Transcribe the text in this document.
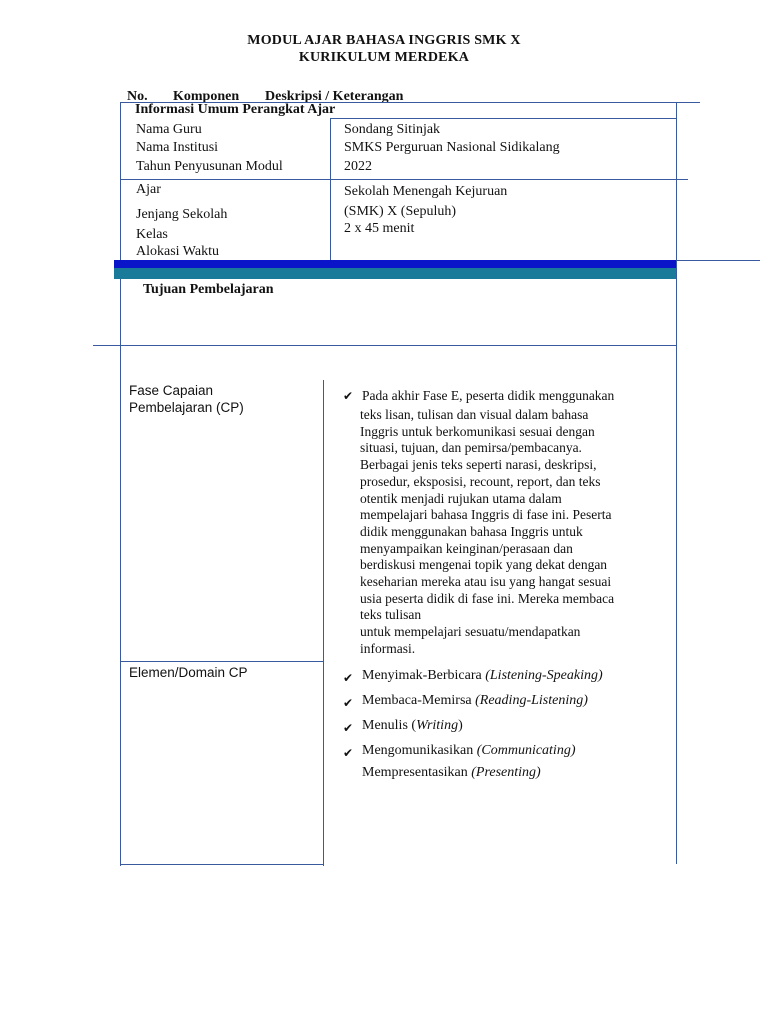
MODUL AJAR BAHASA INGGRIS SMK X
KURIKULUM MERDEKA
No. Komponen Deskripsi / Keterangan
Informasi Umum Perangkat Ajar
Nama Guru
Nama Institusi
Tahun Penyusunan Modul
Sondang Sitinjak
SMKS Perguruan Nasional Sidikalang
2022
Ajar
Jenjang Sekolah
Kelas
Alokasi Waktu
Sekolah Menengah Kejuruan
(SMK) X (Sepuluh)
2 x 45 menit
Tujuan Pembelajaran
Fase Capaian
Pembelajaran (CP)
✔ Pada akhir Fase E, peserta didik menggunakan
teks lisan, tulisan dan visual dalam bahasa
Inggris untuk berkomunikasi sesuai dengan
situasi, tujuan, dan pemirsa/pembacanya.
Berbagai jenis teks seperti narasi, deskripsi,
prosedur, eksposisi, recount, report, dan teks
otentik menjadi rujukan utama dalam
mempelajari bahasa Inggris di fase ini. Peserta
didik menggunakan bahasa Inggris untuk
menyampaikan keinginan/perasaan dan
berdiskusi mengenai topik yang dekat dengan
keseharian mereka atau isu yang hangat sesuai
usia peserta didik di fase ini. Mereka membaca
teks tulisan
untuk mempelajari sesuatu/mendapatkan
informasi.
Elemen/Domain CP	✔ Menyimak-Berbicara (Listening-Speaking)
✔ Membaca-Memirsa (Reading-Listening)
✔ Menulis (Writing)
✔ Mengomunikasikan (Communicating)
Mempresentasikan (Presenting)
